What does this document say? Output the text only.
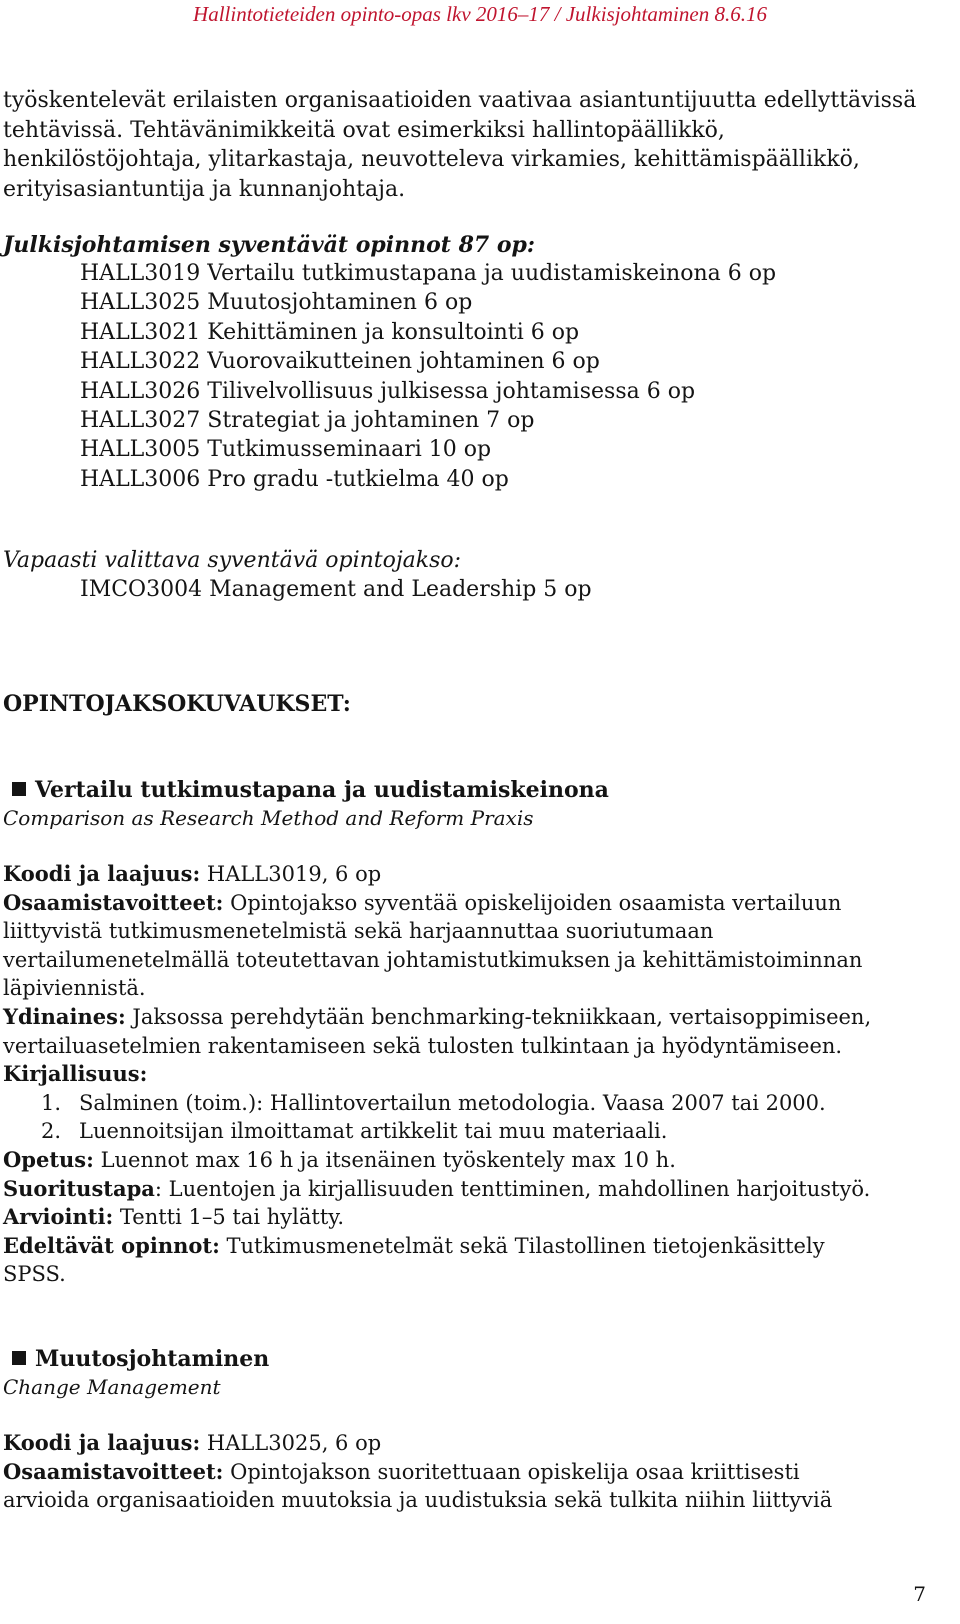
Hallintotieteiden opinto-opas lkv 2016–17 / Julkisjohtaminen 8.6.16
työskentelevät erilaisten organisaatioiden vaativaa asiantuntijuutta edellyttävissä
tehtävissä. Tehtävänimikkeitä ovat esimerkiksi hallintopäällikkö,
henkilöstöjohtaja, ylitarkastaja, neuvotteleva virkamies, kehittämispäällikkö,
erityisasiantuntija ja kunnanjohtaja.
Julkisjohtamisen syventävät opinnot 87 op:
HALL3019 Vertailu tutkimustapana ja uudistamiskeinona 6 op
HALL3025 Muutosjohtaminen 6 op
HALL3021 Kehittäminen ja konsultointi 6 op
HALL3022 Vuorovaikutteinen johtaminen 6 op
HALL3026 Tilivelvollisuus julkisessa johtamisessa 6 op
HALL3027 Strategiat ja johtaminen 7 op
HALL3005 Tutkimusseminaari 10 op
HALL3006 Pro gradu -tutkielma 40 op
Vapaasti valittava syventävä opintojakso:
IMCO3004 Management and Leadership 5 op
OPINTOJAKSOKUVAUKSET:
Vertailu tutkimustapana ja uudistamiskeinona
Comparison as Research Method and Reform Praxis
Koodi ja laajuus: HALL3019, 6 op
Osaamistavoitteet: Opintojakso syventää opiskelijoiden osaamista vertailuun
liittyvistä tutkimusmenetelmistä sekä harjaannuttaa suoriutumaan
vertailumenetelmällä toteutettavan johtamistutkimuksen ja kehittämistoiminnan
läpiviennistä.
Ydinaines: Jaksossa perehdytään benchmarking-tekniikkaan, vertaisoppimiseen,
vertailuasetelmien rakentamiseen sekä tulosten tulkintaan ja hyödyntämiseen.
Kirjallisuus:
1. Salminen (toim.): Hallintovertailun metodologia. Vaasa 2007 tai 2000.
2. Luennoitsijan ilmoittamat artikkelit tai muu materiaali.
Opetus: Luennot max 16 h ja itsenäinen työskentely max 10 h.
Suoritustapa: Luentojen ja kirjallisuuden tenttiminen, mahdollinen harjoitustyö.
Arviointi: Tentti 1–5 tai hylätty.
Edeltävät opinnot: Tutkimusmenetelmät sekä Tilastollinen tietojenkäsittely
SPSS.
Muutosjohtaminen
Change Management
Koodi ja laajuus: HALL3025, 6 op
Osaamistavoitteet: Opintojakson suoritettuaan opiskelija osaa kriittisesti
arvioida organisaatioiden muutoksia ja uudistuksia sekä tulkita niihin liittyviä
7
